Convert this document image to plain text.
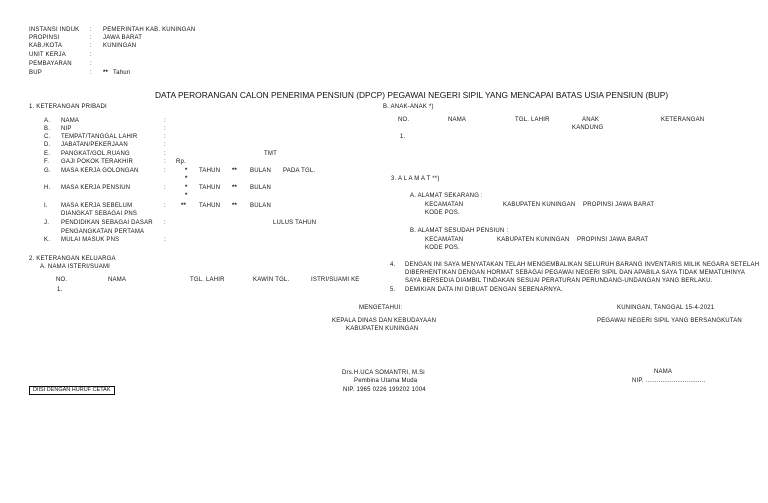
INSTANSI INDUK : PEMERINTAH KAB. KUNINGAN
PROPINSI	: JAWA BARAT
KAB./KOTA	: KUNINGAN
UNIT KERJA	:
PEMBAYARAN	:
BUP	: ** Tahun
DATA PERORANGAN CALON PENERIMA PENSIUN (DPCP) PEGAWAI NEGERI SIPIL YANG MENCAPAI BATAS USIA PENSIUN (BUP)
1. KETERANGAN PRIBADI
A. NAMA	:
B. NIP	:
C. TEMPAT/TANGGAL LAHIR	:
D. JABATAN/PEKERJAAN	:
E. PANGKAT/GOL.RUANG	:	TMT
F. GAJI POKOK TERAKHIR	: Rp.
G. MASA KERJA GOLONGAN	:	* TAHUN ** BULAN PADA TGL.
*
H. MASA KERJA PENSIUN	:	* TAHUN ** BULAN
*
I. MASA KERJA SEBELUM	:	** TAHUN ** BULAN
DIANGKAT SEBAGAI PNS
J. PENDIDIKAN SEBAGAI DASAR :	LULUS TAHUN
PENGANGKATAN PERTAMA
K. MULAI MASUK PNS	:
2. KETERANGAN KELUARGA
A. NAMA ISTERI/SUAMI
NO.	NAMA	TGL. LAHIR	KAWIN TGL.	ISTRI/SUAMI KE
1.
B. ANAK-ANAK *)
NO.	NAMA	TGL. LAHIR	ANAK	KETERANGAN
KANDUNG
1.
3. A L A M A T **)
A. ALAMAT SEKARANG :
KECAMATAN	KABUPATEN KUNINGAN PROPINSI JAWA BARAT
KODE POS.
B. ALAMAT SESUDAH PENSIUN :
KECAMATAN	KABUPATEN KUNINGAN PROPINSI JAWA BARAT
KODE POS.
4. DENGAN INI SAYA MENYATAKAN TELAH MENGEMBALIKAN SELURUH BARANG INVENTARIS MILIK NEGARA SETELAH
DIBERHENTIKAN DENGAN HORMAT SEBAGAI PEGAWAI NEGERI SIPIL DAN APABILA SAYA TIDAK MEMATUHINYA
SAYA BERSEDIA DIAMBIL TINDAKAN SESUAI PERATURAN PERUNDANG-UNDANGAN YANG BERLAKU.
5. DEMIKIAN DATA INI DIBUAT DENGAN SEBENARNYA.
MENGETAHUI:
KEPALA DINAS DAN KEBUDAYAAN
KABUPATEN KUNINGAN
KUNINGAN, TANGGAL 15-4-2021
PEGAWAI NEGERI SIPIL YANG BERSANGKUTAN
Drs.H.UCA SOMANTRI, M.Si
Pembina Utama Muda
NIP. 1965 0226 199202 1004
NAMA
NIP. ................................
DIISI DENGAN HURUF CETAK
